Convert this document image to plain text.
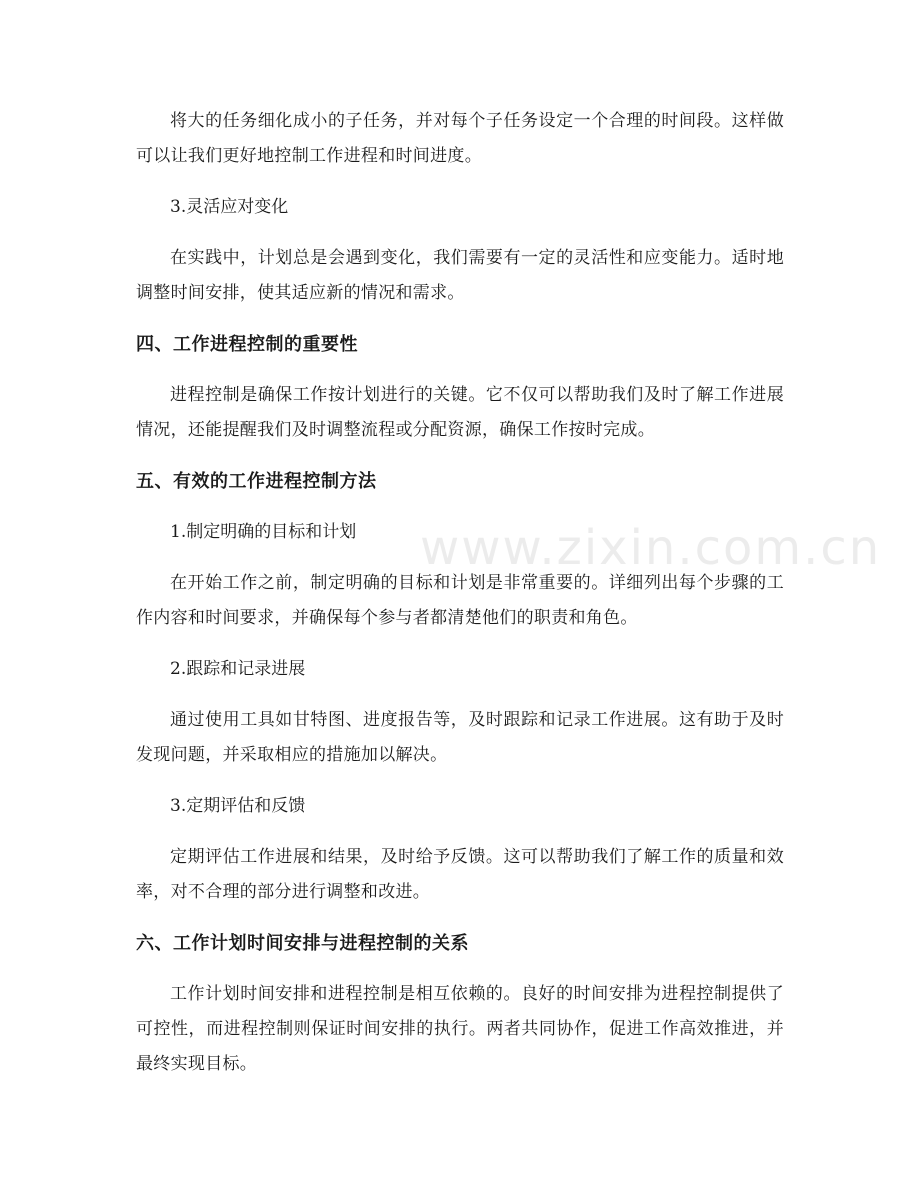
将大的任务细化成小的子任务，并对每个子任务设定一个合理的时间段。这样做可以让我们更好地控制工作进程和时间进度。

3.灵活应对变化

在实践中，计划总是会遇到变化，我们需要有一定的灵活性和应变能力。适时地调整时间安排，使其适应新的情况和需求。

四、工作进程控制的重要性

进程控制是确保工作按计划进行的关键。它不仅可以帮助我们及时了解工作进展情况，还能提醒我们及时调整流程或分配资源，确保工作按时完成。

五、有效的工作进程控制方法

1.制定明确的目标和计划

在开始工作之前，制定明确的目标和计划是非常重要的。详细列出每个步骤的工作内容和时间要求，并确保每个参与者都清楚他们的职责和角色。

2.跟踪和记录进展

通过使用工具如甘特图、进度报告等，及时跟踪和记录工作进展。这有助于及时发现问题，并采取相应的措施加以解决。

3.定期评估和反馈

定期评估工作进展和结果，及时给予反馈。这可以帮助我们了解工作的质量和效率，对不合理的部分进行调整和改进。

六、工作计划时间安排与进程控制的关系

工作计划时间安排和进程控制是相互依赖的。良好的时间安排为进程控制提供了可控性，而进程控制则保证时间安排的执行。两者共同协作，促进工作高效推进，并最终实现目标。

www.zixin.com.cn
